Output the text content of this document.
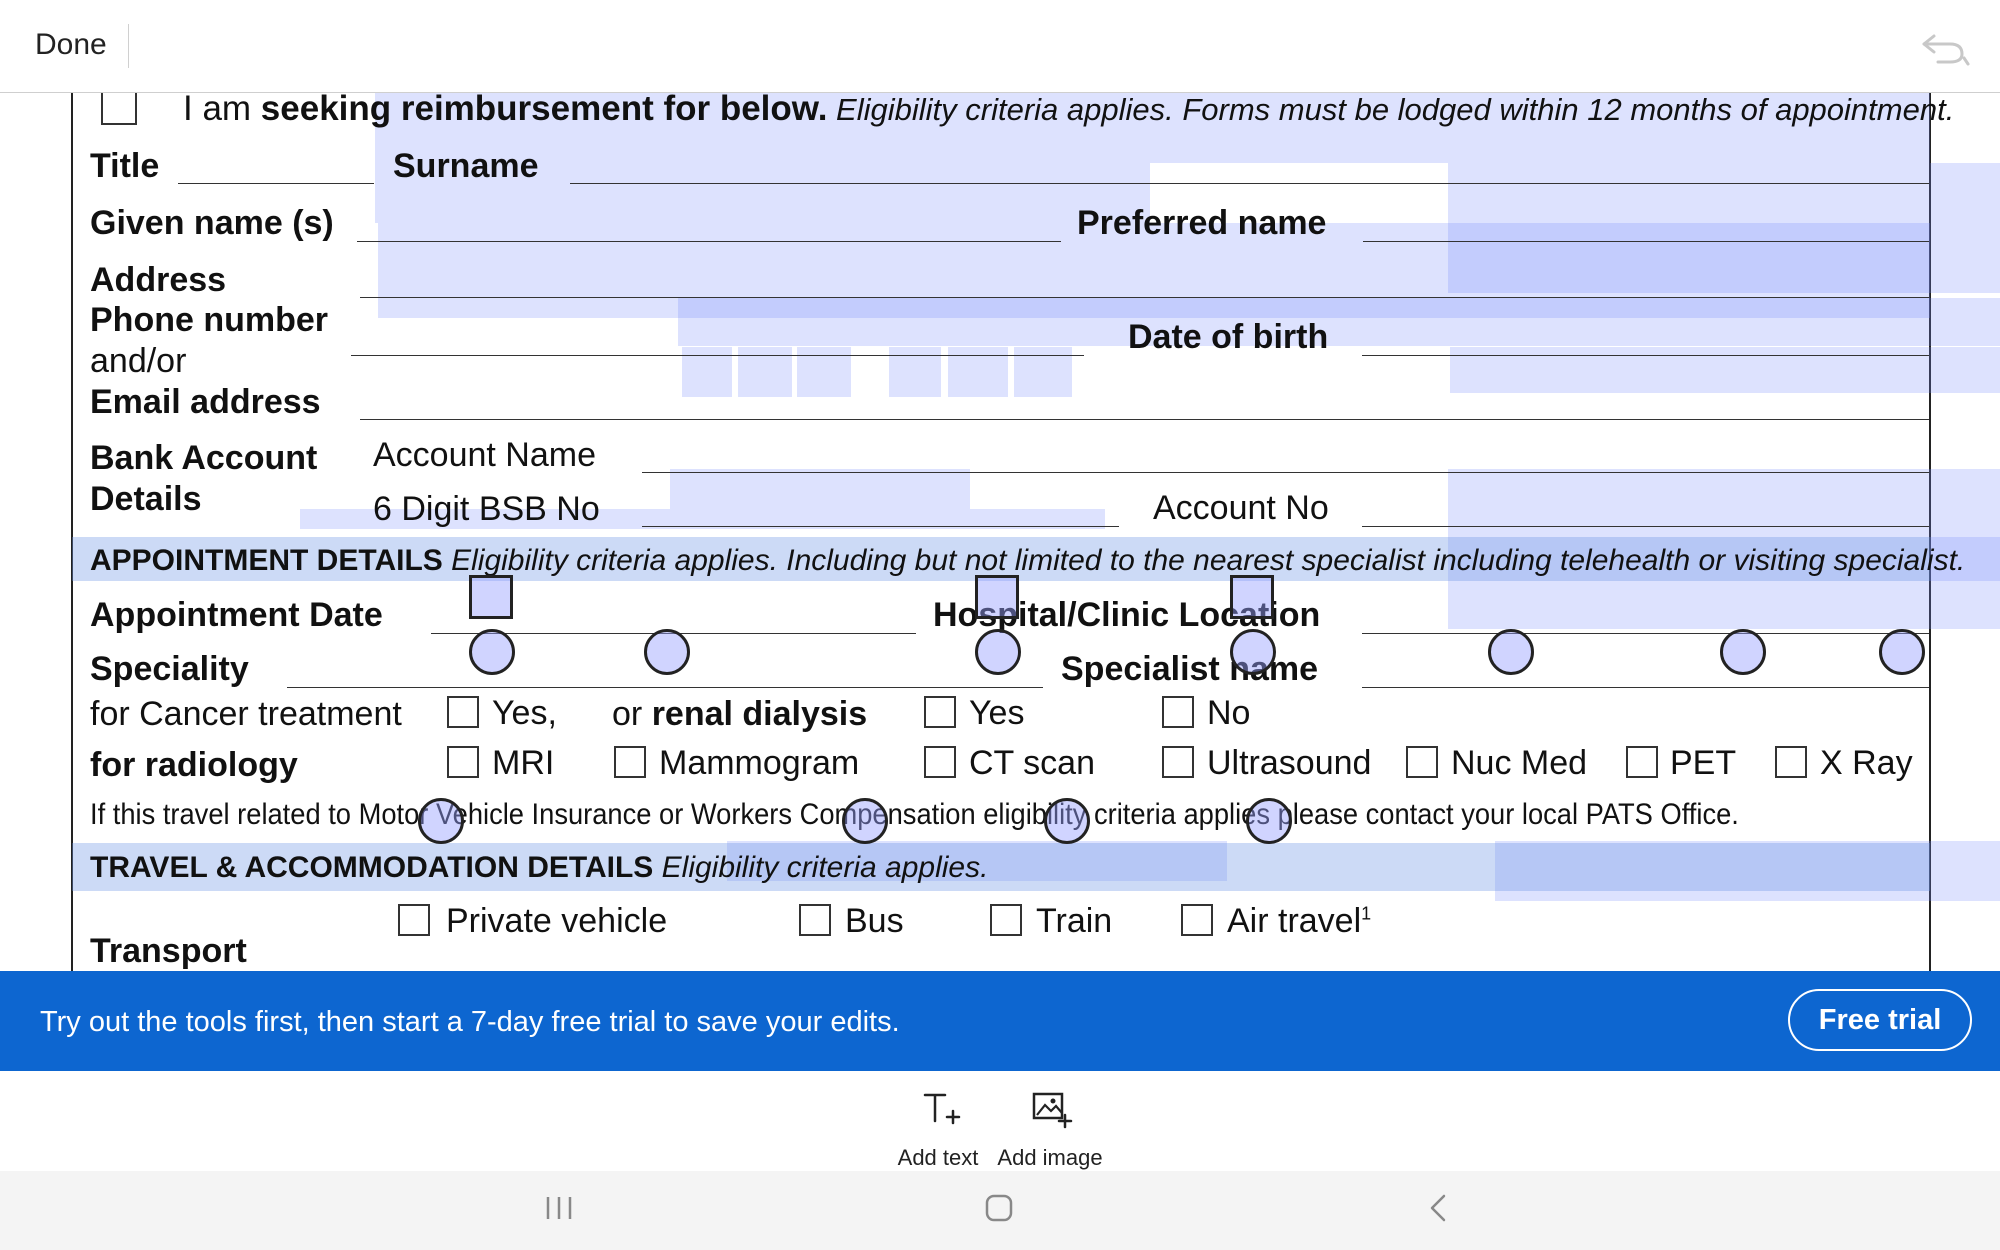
Done
I am seeking reimbursement for below. Eligibility criteria applies. Forms must be lodged within 12 months of appointment.
Title	Surname
Given name (s)	Preferred name
Address
Phone number
and/or
Date of birth
Email address
Bank Account
Details
Account Name
6 Digit BSB No	Account No
APPOINTMENT DETAILS Eligibility criteria applies. Including but not limited to the nearest specialist including telehealth or visiting specialist.
Appointment Date	Hospital/Clinic Location
Speciality	Specialist name
for Cancer treatment	Yes, or renal dialysis	Yes	No
for radiology	MRI	Mammogram	CT scan	Ultrasound Nuc Med PET X Ray
If this travel related to Motor Vehicle Insurance or Workers Compensation eligibility criteria applies please contact your local PATS Office.
TRAVEL & ACCOMMODATION DETAILS Eligibility criteria applies.
Private vehicle	Bus	Train	Air travel$^1$
Transport
Try out the tools first, then start a 7-day free trial to save your edits.	Free trial
Add text Add image
